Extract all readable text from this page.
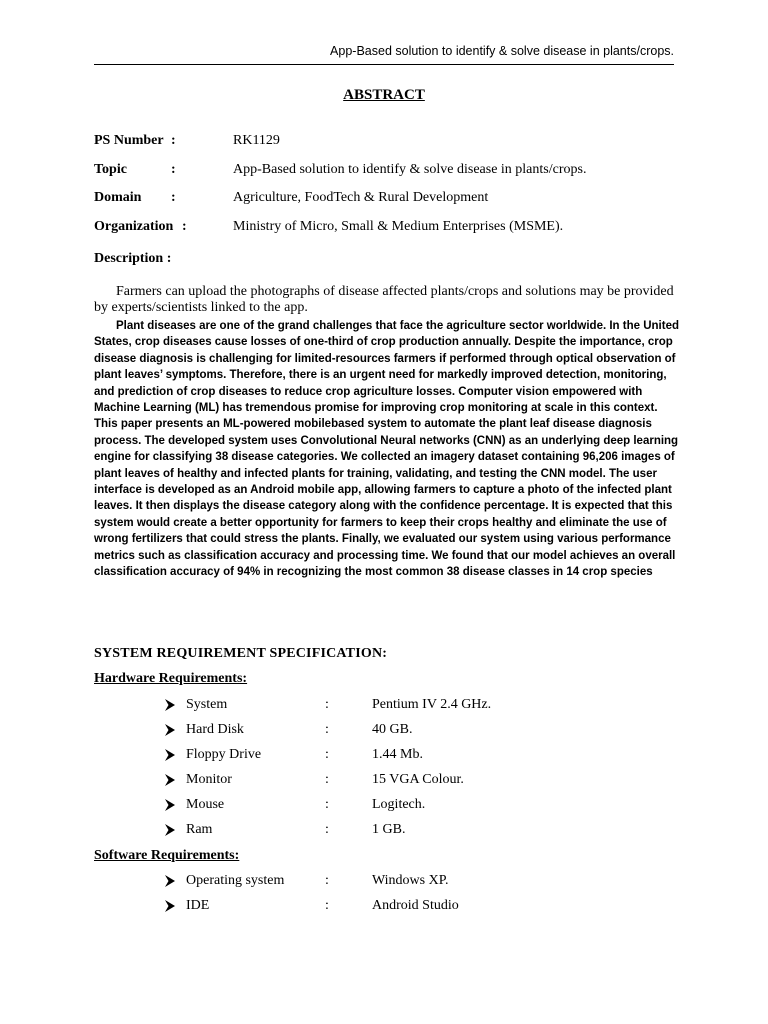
App-Based solution to identify & solve disease in plants/crops.
ABSTRACT
PS Number :	RK1129
Topic	:	App-Based solution to identify & solve disease in plants/crops.
Domain :	Agriculture, FoodTech & Rural Development
Organization :	Ministry of Micro, Small & Medium Enterprises (MSME).
Description :
Farmers can upload the photographs of disease affected plants/crops and solutions may be provided by experts/scientists linked to the app.
Plant diseases are one of the grand challenges that face the agriculture sector worldwide. In the United States, crop diseases cause losses of one-third of crop production annually. Despite the importance, crop disease diagnosis is challenging for limited-resources farmers if performed through optical observation of plant leaves’ symptoms. Therefore, there is an urgent need for markedly improved detection, monitoring, and prediction of crop diseases to reduce crop agriculture losses. Computer vision empowered with Machine Learning (ML) has tremendous promise for improving crop monitoring at scale in this context. This paper presents an ML-powered mobilebased system to automate the plant leaf disease diagnosis process. The developed system uses Convolutional Neural networks (CNN) as an underlying deep learning engine for classifying 38 disease categories. We collected an imagery dataset containing 96,206 images of plant leaves of healthy and infected plants for training, validating, and testing the CNN model. The user interface is developed as an Android mobile app, allowing farmers to capture a photo of the infected plant leaves. It then displays the disease category along with the confidence percentage. It is expected that this system would create a better opportunity for farmers to keep their crops healthy and eliminate the use of wrong fertilizers that could stress the plants. Finally, we evaluated our system using various performance metrics such as classification accuracy and processing time. We found that our model achieves an overall classification accuracy of 94% in recognizing the most common 38 disease classes in 14 crop species
SYSTEM REQUIREMENT SPECIFICATION:
Hardware Requirements:
System	:	Pentium IV 2.4 GHz.
Hard Disk	:	40 GB.
Floppy Drive	:	1.44 Mb.
Monitor	:	15 VGA Colour.
Mouse	:	Logitech.
Ram	:	1 GB.
Software Requirements:
Operating system	:	Windows XP.
IDE	:	Android Studio
